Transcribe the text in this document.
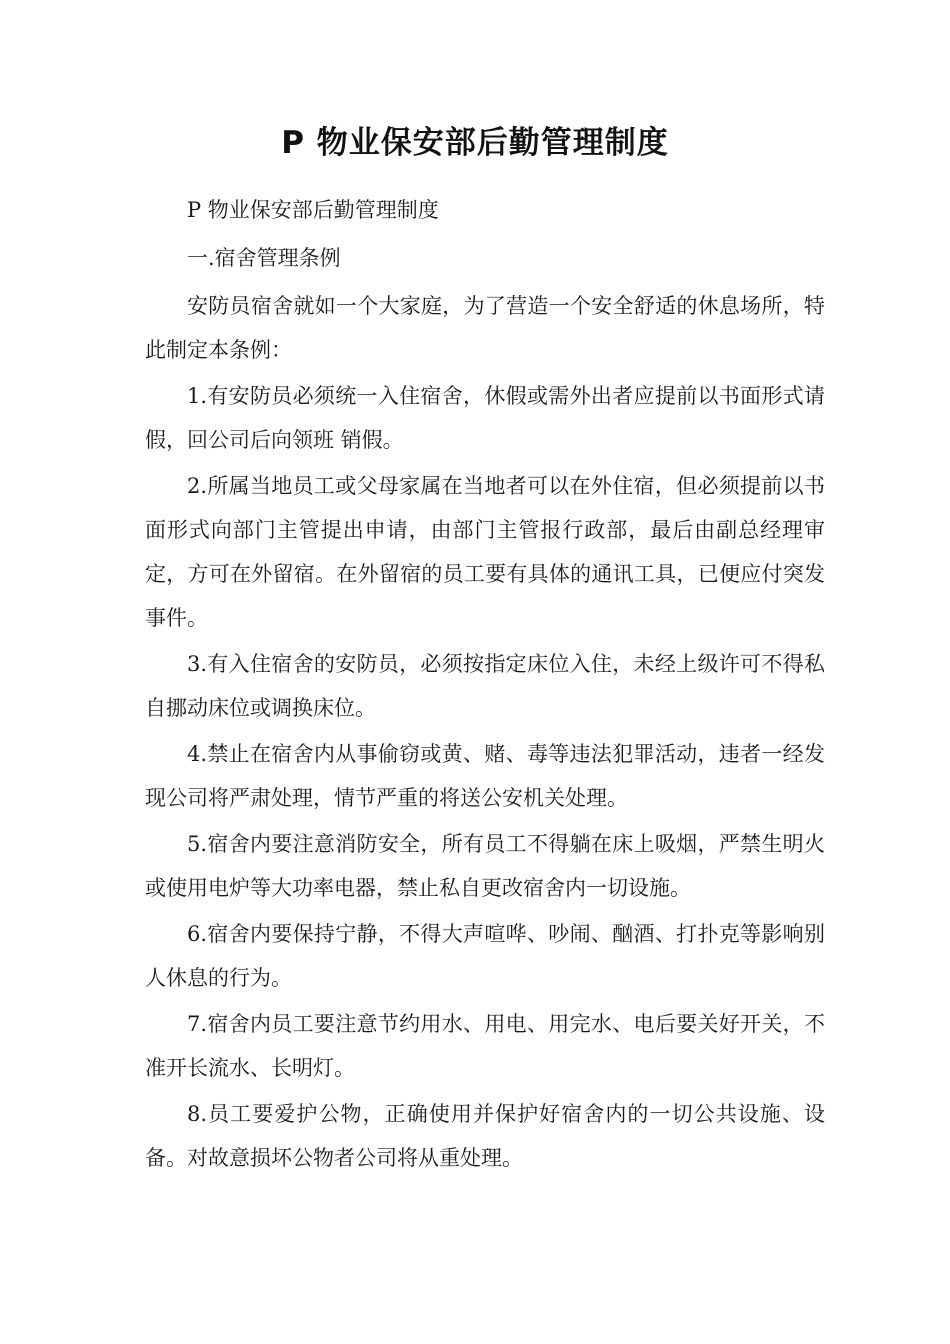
P 物业保安部后勤管理制度

P 物业保安部后勤管理制度

一.宿舍管理条例

安防员宿舍就如一个大家庭，为了营造一个安全舒适的休息场所，特此制定本条例：

1.有安防员必须统一入住宿舍，休假或需外出者应提前以书面形式请假，回公司后向领班 销假。

2.所属当地员工或父母家属在当地者可以在外住宿，但必须提前以书面形式向部门主管提出申请，由部门主管报行政部，最后由副总经理审定，方可在外留宿。在外留宿的员工要有具体的通讯工具，已便应付突发事件。

3.有入住宿舍的安防员，必须按指定床位入住，未经上级许可不得私自挪动床位或调换床位。

4.禁止在宿舍内从事偷窃或黄、赌、毒等违法犯罪活动，违者一经发现公司将严肃处理，情节严重的将送公安机关处理。

5.宿舍内要注意消防安全，所有员工不得躺在床上吸烟，严禁生明火或使用电炉等大功率电器，禁止私自更改宿舍内一切设施。

6.宿舍内要保持宁静，不得大声喧哗、吵闹、酗酒、打扑克等影响别人休息的行为。

7.宿舍内员工要注意节约用水、用电、用完水、电后要关好开关，不准开长流水、长明灯。

8.员工要爱护公物，正确使用并保护好宿舍内的一切公共设施、设备。对故意损坏公物者公司将从重处理。
